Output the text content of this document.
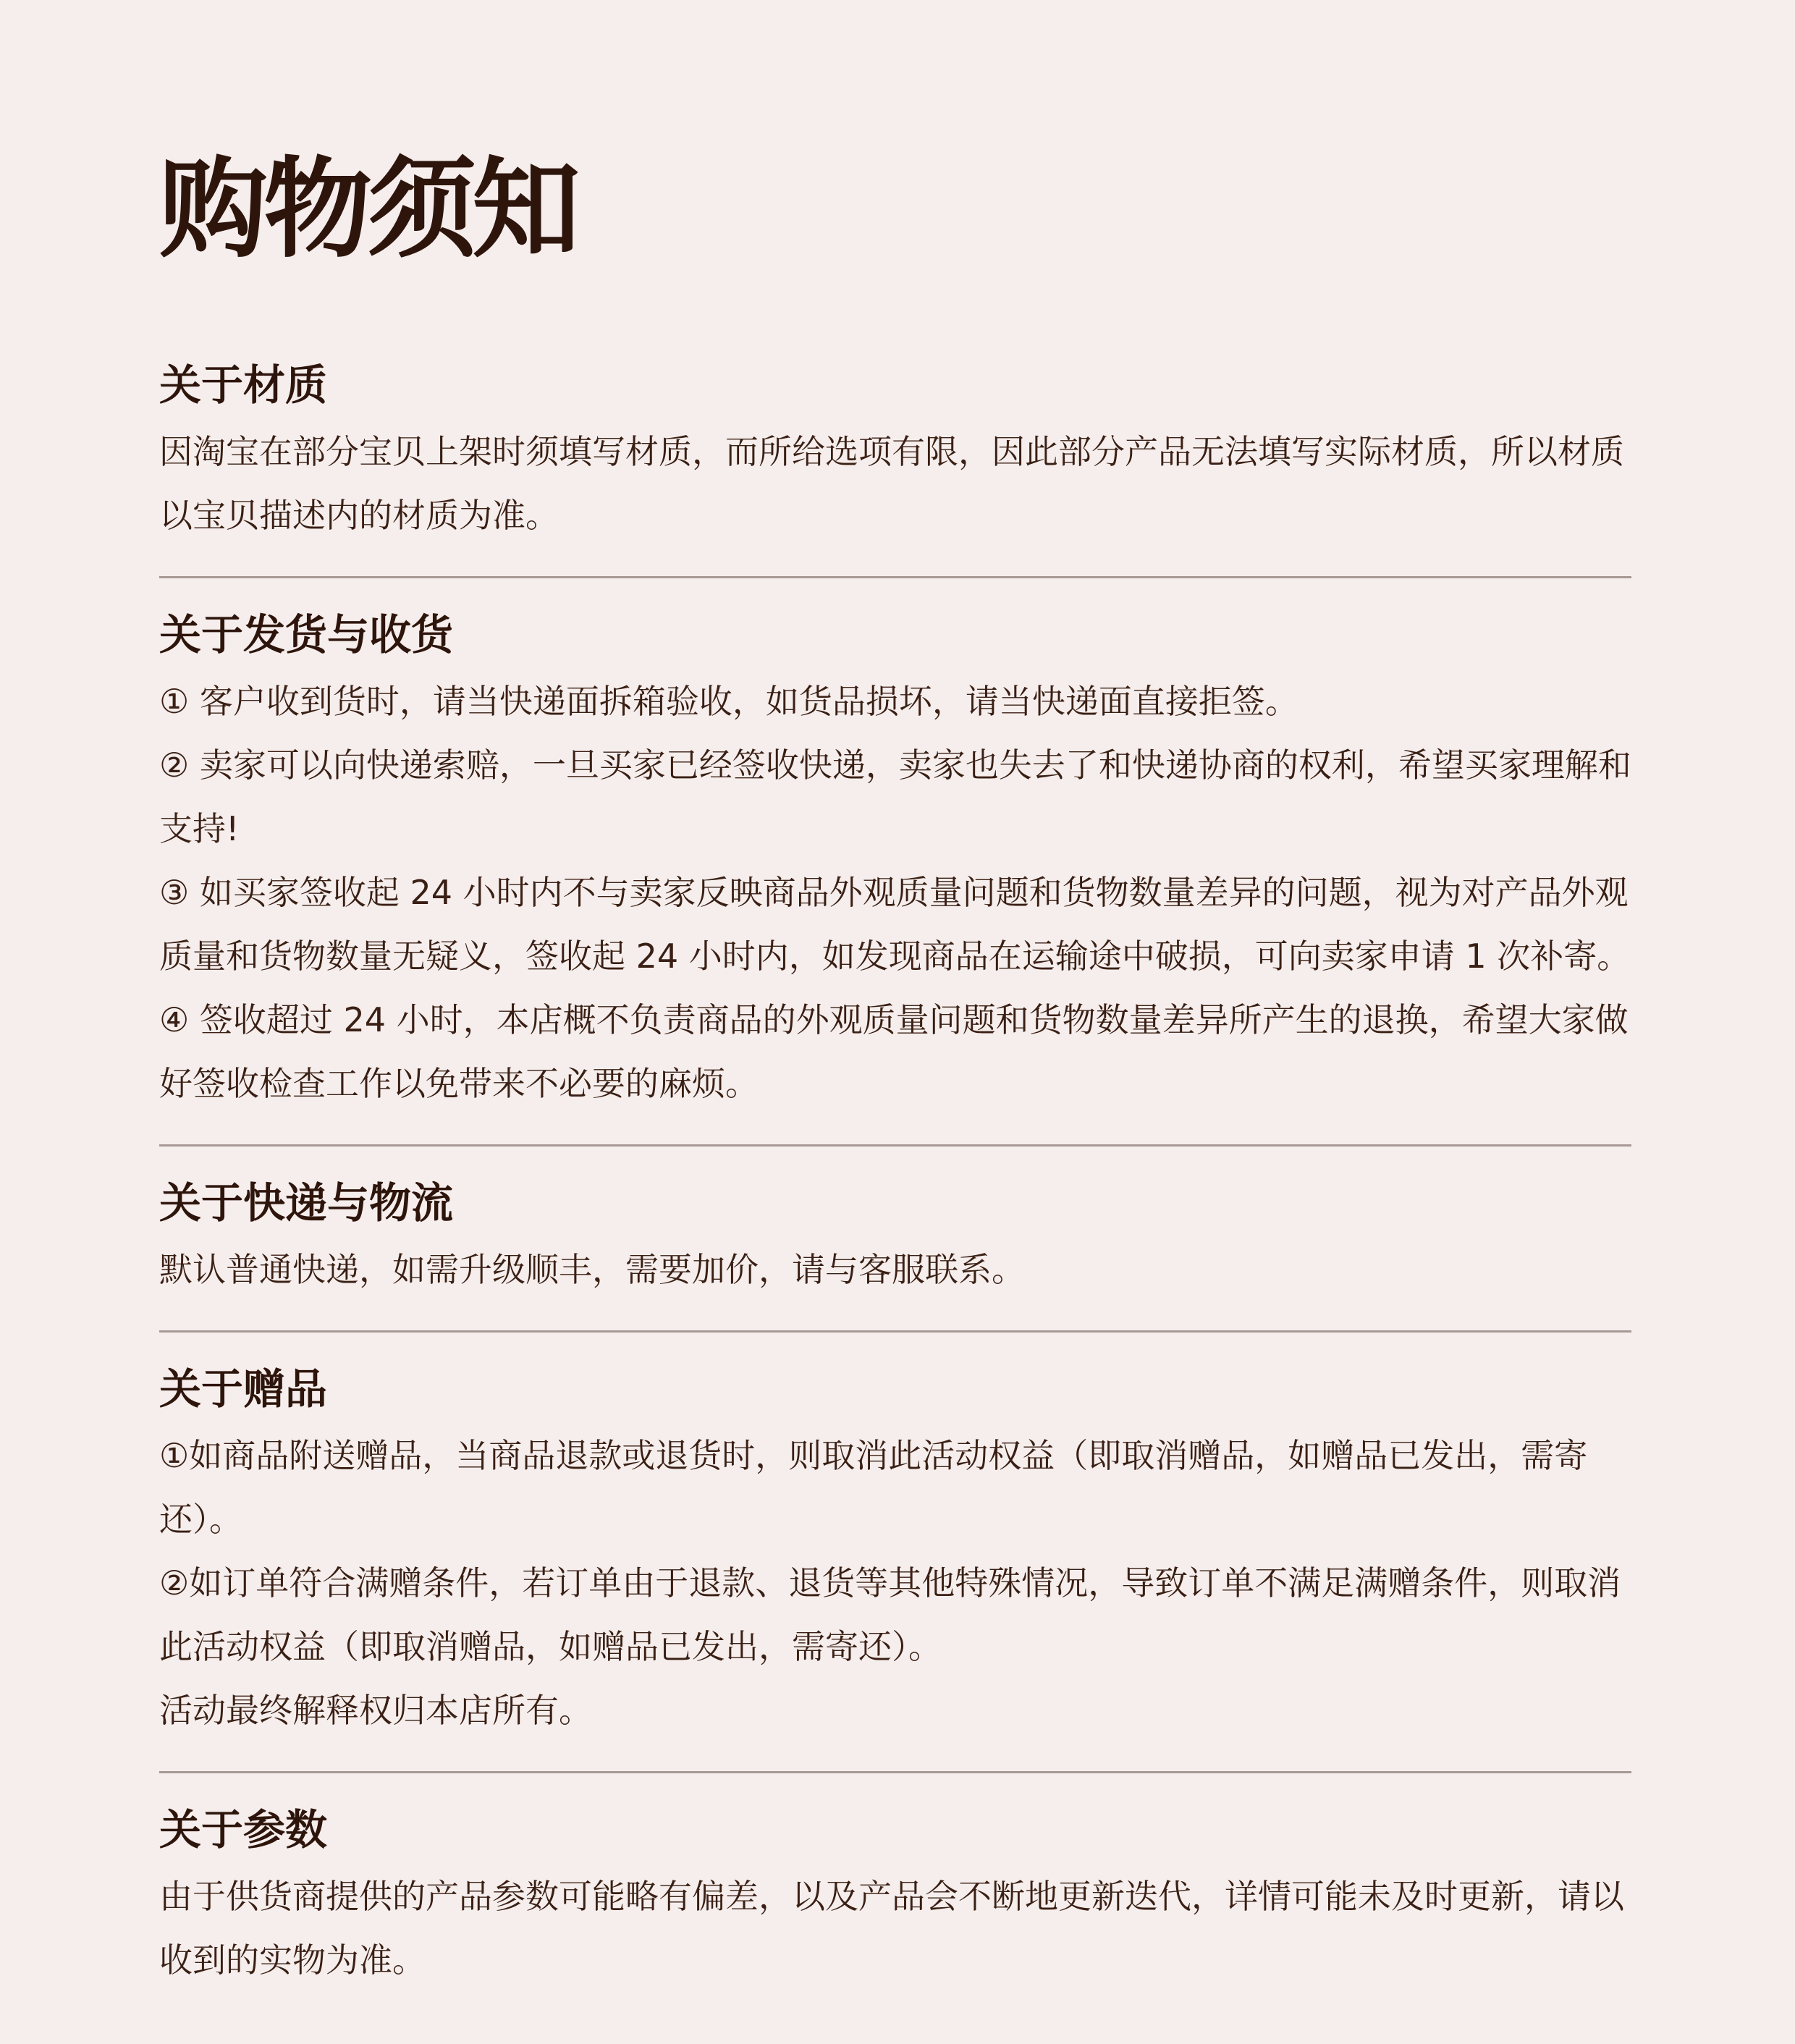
购物须知
关于材质

因淘宝在部分宝贝上架时须填写材质，而所给选项有限，因此部分产品无法填写实际材质，所以材质以宝贝描述内的材质为准。

关于发货与收货

① 客户收到货时，请当快递面拆箱验收，如货品损坏，请当快递面直接拒签。

② 卖家可以向快递索赔，一旦买家已经签收快递，卖家也失去了和快递协商的权利，希望买家理解和支持!

③ 如买家签收起 24 小时内不与卖家反映商品外观质量问题和货物数量差异的问题，视为对产品外观质量和货物数量无疑义，签收起 24 小时内，如发现商品在运输途中破损，可向卖家申请 1 次补寄。

④ 签收超过 24 小时，本店概不负责商品的外观质量问题和货物数量差异所产生的退换，希望大家做好签收检查工作以免带来不必要的麻烦。

关于快递与物流

默认普通快递，如需升级顺丰，需要加价，请与客服联系。

关于赠品

①如商品附送赠品，当商品退款或退货时，则取消此活动权益（即取消赠品，如赠品已发出，需寄还）。

②如订单符合满赠条件，若订单由于退款、退货等其他特殊情况，导致订单不满足满赠条件，则取消此活动权益（即取消赠品，如赠品已发出，需寄还）。

活动最终解释权归本店所有。

关于参数

由于供货商提供的产品参数可能略有偏差，以及产品会不断地更新迭代，详情可能未及时更新，请以收到的实物为准。
